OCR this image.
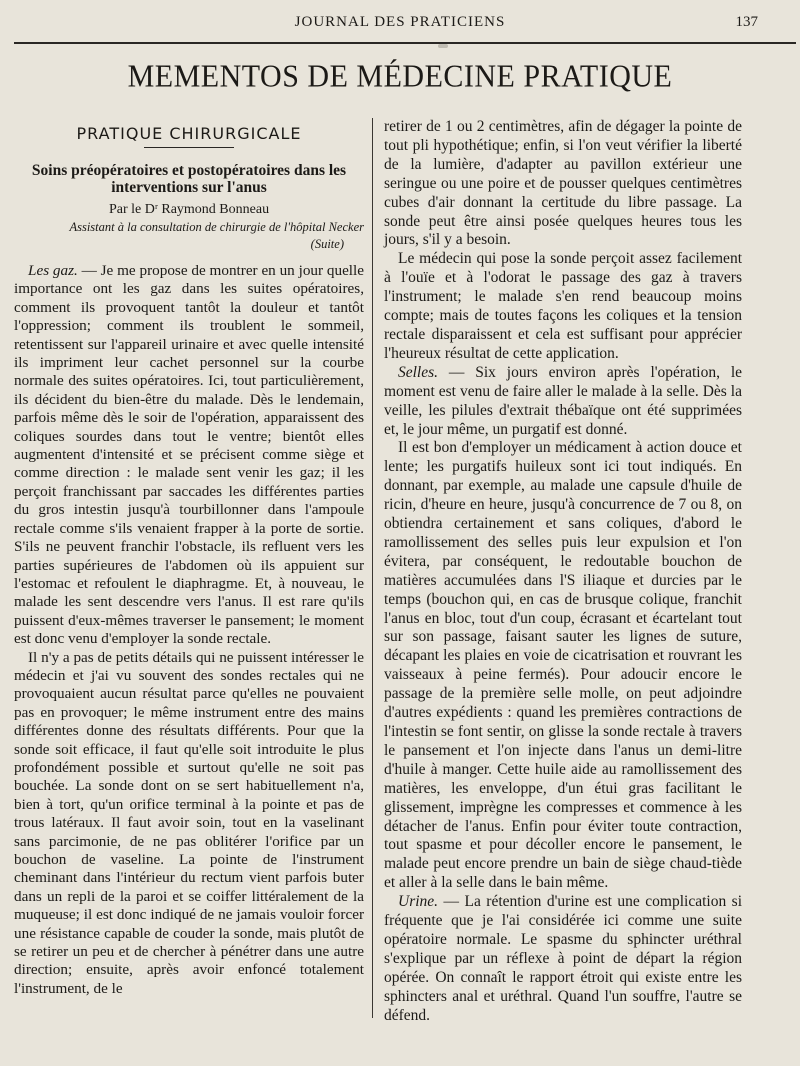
JOURNAL DES PRATICIENS	137
MEMENTOS DE MÉDECINE PRATIQUE
PRATIQUE CHIRURGICALE
Soins préopératoires et postopératoires dans les interventions sur l'anus
Par le Dʳ Raymond Bonneau
Assistant à la consultation de chirurgie de l'hôpital Necker
(Suite)

Les gaz. — Je me propose de montrer en un jour quelle importance ont les gaz dans les suites opératoires, comment ils provoquent tantôt la douleur et tantôt l'oppression; comment ils troublent le sommeil, retentissent sur l'appareil urinaire et avec quelle intensité ils impriment leur cachet personnel sur la courbe normale des suites opératoires. Ici, tout particulièrement, ils décident du bien-être du malade. Dès le lendemain, parfois même dès le soir de l'opération, apparaissent des coliques sourdes dans tout le ventre; bientôt elles augmentent d'intensité et se précisent comme siège et comme direction : le malade sent venir les gaz; il les perçoit franchissant par saccades les différentes parties du gros intestin jusqu'à tourbillonner dans l'ampoule rectale comme s'ils venaient frapper à la porte de sortie. S'ils ne peuvent franchir l'obstacle, ils refluent vers les parties supérieures de l'abdomen où ils appuient sur l'estomac et refoulent le diaphragme. Et, à nouveau, le malade les sent descendre vers l'anus. Il est rare qu'ils puissent d'eux-mêmes traverser le pansement; le moment est donc venu d'employer la sonde rectale.

Il n'y a pas de petits détails qui ne puissent intéresser le médecin et j'ai vu souvent des sondes rectales qui ne provoquaient aucun résultat parce qu'elles ne pouvaient pas en provoquer; le même instrument entre des mains différentes donne des résultats différents. Pour que la sonde soit efficace, il faut qu'elle soit introduite le plus profondément possible et surtout qu'elle ne soit pas bouchée. La sonde dont on se sert habituellement n'a, bien à tort, qu'un orifice terminal à la pointe et pas de trous latéraux. Il faut avoir soin, tout en la vaselinant sans parcimonie, de ne pas oblitérer l'orifice par un bouchon de vaseline. La pointe de l'instrument cheminant dans l'intérieur du rectum vient parfois buter dans un repli de la paroi et se coiffer littéralement de la muqueuse; il est donc indiqué de ne jamais vouloir forcer une résistance capable de couder la sonde, mais plutôt de se retirer un peu et de chercher à pénétrer dans une autre direction; ensuite, après avoir enfoncé totalement l'instrument, de le

retirer de 1 ou 2 centimètres, afin de dégager la pointe de tout pli hypothétique; enfin, si l'on veut vérifier la liberté de la lumière, d'adapter au pavillon extérieur une seringue ou une poire et de pousser quelques centimètres cubes d'air donnant la certitude du libre passage. La sonde peut être ainsi posée quelques heures tous les jours, s'il y a besoin.

Le médecin qui pose la sonde perçoit assez facilement à l'ouïe et à l'odorat le passage des gaz à travers l'instrument; le malade s'en rend beaucoup moins compte; mais de toutes façons les coliques et la tension rectale disparaissent et cela est suffisant pour apprécier l'heureux résultat de cette application.

Selles. — Six jours environ après l'opération, le moment est venu de faire aller le malade à la selle. Dès la veille, les pilules d'extrait thébaïque ont été supprimées et, le jour même, un purgatif est donné.

Il est bon d'employer un médicament à action douce et lente; les purgatifs huileux sont ici tout indiqués. En donnant, par exemple, au malade une capsule d'huile de ricin, d'heure en heure, jusqu'à concurrence de 7 ou 8, on obtiendra certainement et sans coliques, d'abord le ramollissement des selles puis leur expulsion et l'on évitera, par conséquent, le redoutable bouchon de matières accumulées dans l'S iliaque et durcies par le temps (bouchon qui, en cas de brusque colique, franchit l'anus en bloc, tout d'un coup, écrasant et écartelant tout sur son passage, faisant sauter les lignes de suture, décapant les plaies en voie de cicatrisation et rouvrant les vaisseaux à peine fermés). Pour adoucir encore le passage de la première selle molle, on peut adjoindre d'autres expédients : quand les premières contractions de l'intestin se font sentir, on glisse la sonde rectale à travers le pansement et l'on injecte dans l'anus un demi-litre d'huile à manger. Cette huile aide au ramollissement des matières, les enveloppe, d'un étui gras facilitant le glissement, imprègne les compresses et commence à les détacher de l'anus. Enfin pour éviter toute contraction, tout spasme et pour décoller encore le pansement, le malade peut encore prendre un bain de siège chaud-tiède et aller à la selle dans le bain même.

Urine. — La rétention d'urine est une complication si fréquente que je l'ai considérée ici comme une suite opératoire normale. Le spasme du sphincter uréthral s'explique par un réflexe à point de départ la région opérée. On connaît le rapport étroit qui existe entre les sphincters anal et uréthral. Quand l'un souffre, l'autre se défend.
